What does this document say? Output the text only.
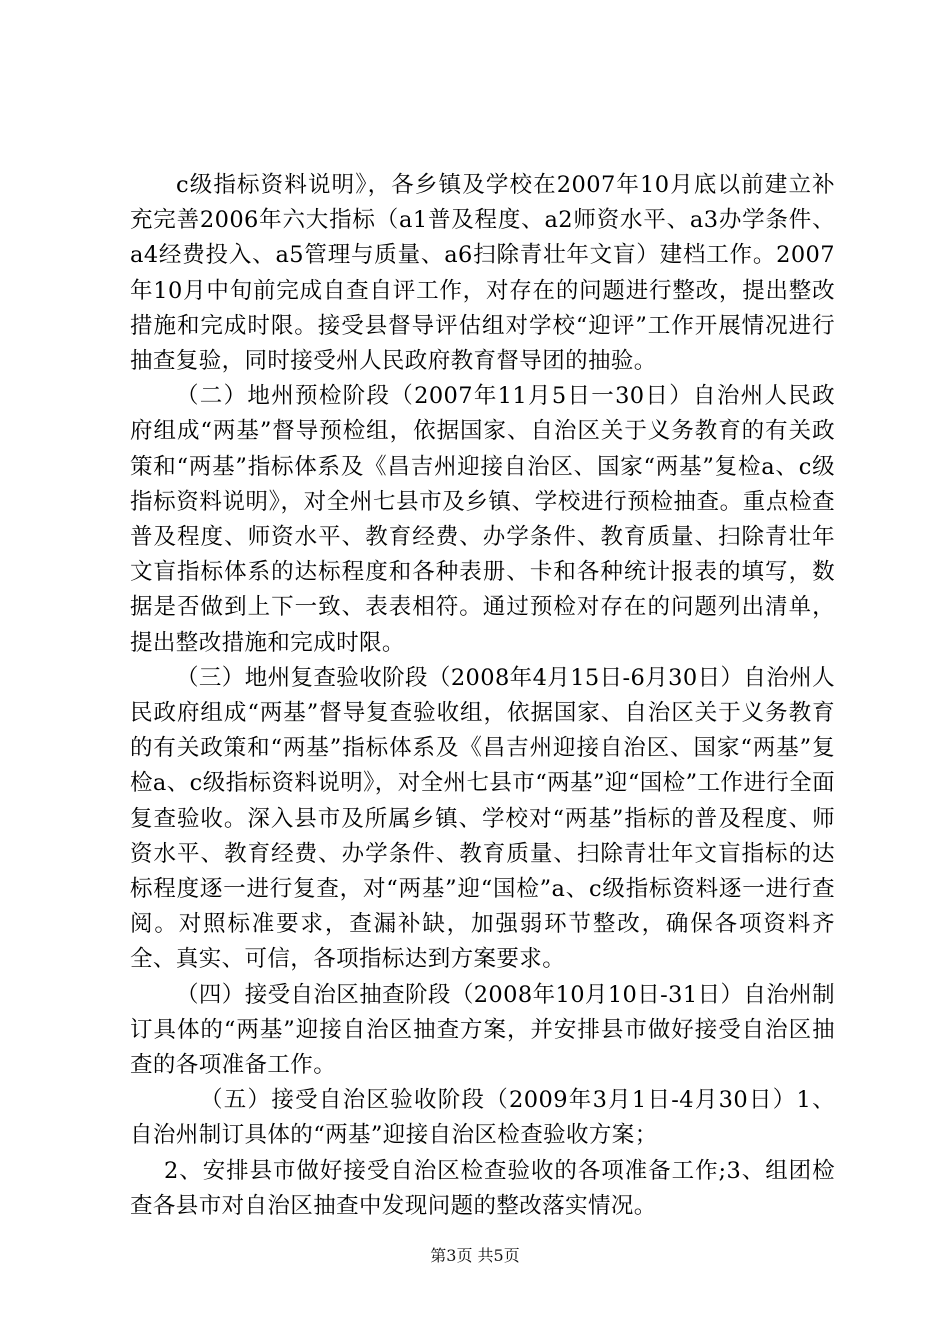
c级指标资料说明》，各乡镇及学校在2007年10月底以前建立补充完善2006年六大指标（a1普及程度、a2师资水平、a3办学条件、a4经费投入、a5管理与质量、a6扫除青壮年文盲）建档工作。2007年10月中旬前完成自查自评工作，对存在的问题进行整改，提出整改措施和完成时限。接受县督导评估组对学校“迎评”工作开展情况进行抽查复验，同时接受州人民政府教育督导团的抽验。

（二）地州预检阶段（2007年11月5日一30日）自治州人民政府组成“两基”督导预检组，依据国家、自治区关于义务教育的有关政策和“两基”指标体系及《昌吉州迎接自治区、国家“两基”复检a、c级指标资料说明》，对全州七县市及乡镇、学校进行预检抽查。重点检查普及程度、师资水平、教育经费、办学条件、教育质量、扫除青壮年文盲指标体系的达标程度和各种表册、卡和各种统计报表的填写，数据是否做到上下一致、表表相符。通过预检对存在的问题列出清单，提出整改措施和完成时限。

（三）地州复查验收阶段（2008年4月15日-6月30日）自治州人民政府组成“两基”督导复查验收组，依据国家、自治区关于义务教育的有关政策和“两基”指标体系及《昌吉州迎接自治区、国家“两基”复检a、c级指标资料说明》，对全州七县市“两基”迎“国检”工作进行全面复查验收。深入县市及所属乡镇、学校对“两基”指标的普及程度、师资水平、教育经费、办学条件、教育质量、扫除青壮年文盲指标的达标程度逐一进行复查，对“两基”迎“国检”a、c级指标资料逐一进行查阅。对照标准要求，查漏补缺，加强弱环节整改，确保各项资料齐全、真实、可信，各项指标达到方案要求。

（四）接受自治区抽查阶段（2008年10月10日-31日）自治州制订具体的“两基”迎接自治区抽查方案，并安排县市做好接受自治区抽查的各项准备工作。

（五）接受自治区验收阶段（2009年3月1日-4月30日）1、自治州制订具体的“两基”迎接自治区检查验收方案；

2、安排县市做好接受自治区检查验收的各项准备工作;3、组团检查各县市对自治区抽查中发现问题的整改落实情况。

第3页 共5页
